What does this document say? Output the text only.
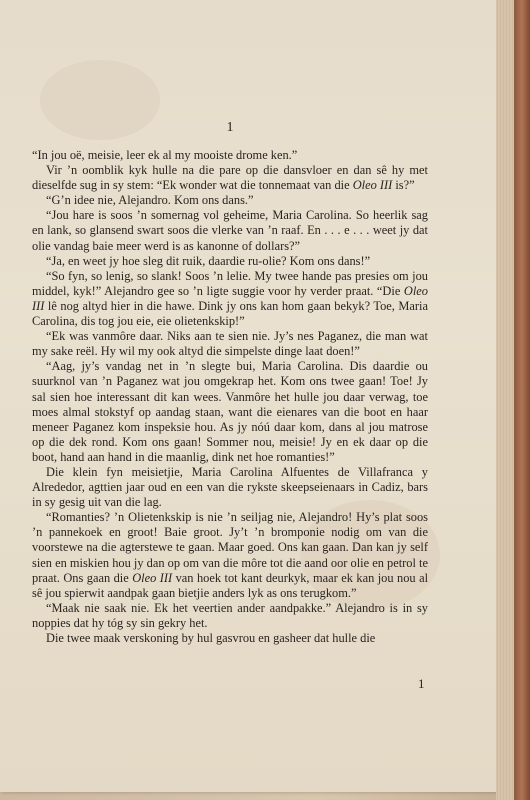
1

“In jou oë, meisie, leer ek al my mooiste drome ken.”

Vir ’n oomblik kyk hulle na die pare op die dansvloer en dan sê hy met dieselfde sug in sy stem: “Ek wonder wat die tonnemaat van die Oleo III is?”

“G’n idee nie, Alejandro. Kom ons dans.”

“Jou hare is soos ’n somernag vol geheime, Maria Carolina. So heerlik sag en lank, so glansend swart soos die vlerke van ’n raaf. En . . . e . . . weet jy dat olie vandag baie meer werd is as kanonne of dollars?”

“Ja, en weet jy hoe sleg dit ruik, daardie ru-olie? Kom ons dans!”

“So fyn, so lenig, so slank! Soos ’n lelie. My twee hande pas presies om jou middel, kyk!” Alejandro gee so ’n ligte suggie voor hy verder praat. “Die Oleo III lê nog altyd hier in die hawe. Dink jy ons kan hom gaan bekyk? Toe, Maria Carolina, dis tog jou eie, eie olietenkskip!”

“Ek was vanmôre daar. Niks aan te sien nie. Jy’s nes Paganez, die man wat my sake reël. Hy wil my ook altyd die simpelste dinge laat doen!”

“Aag, jy’s vandag net in ’n slegte bui, Maria Carolina. Dis daardie ou suurknol van ’n Paganez wat jou omgekrap het. Kom ons twee gaan! Toe! Jy sal sien hoe interessant dit kan wees. Vanmôre het hulle jou daar verwag, toe moes almal stokstyf op aandag staan, want die eienares van die boot en haar meneer Paganez kom inspeksie hou. As jy nóú daar kom, dans al jou matrose op die dek rond. Kom ons gaan! Sommer nou, meisie! Jy en ek daar op die boot, hand aan hand in die maanlig, dink net hoe romanties!”

Die klein fyn meisietjie, Maria Carolina Alfuentes de Villafranca y Alrededor, agttien jaar oud en een van die rykste skeepseienaars in Cadiz, bars in sy gesig uit van die lag.

“Romanties? ’n Olietenkskip is nie ’n seiljag nie, Alejandro! Hy’s plat soos ’n pannekoek en groot! Baie groot. Jy’t ’n bromponie nodig om van die voorstewe na die agterstewe te gaan. Maar goed. Ons kan gaan. Dan kan jy self sien en miskien hou jy dan op om van die môre tot die aand oor olie en petrol te praat. Ons gaan die Oleo III van hoek tot kant deurkyk, maar ek kan jou nou al sê jou spierwit aandpak gaan bietjie anders lyk as ons terugkom.”

“Maak nie saak nie. Ek het veertien ander aandpakke.” Alejandro is in sy noppies dat hy tóg sy sin gekry het.

Die twee maak verskoning by hul gasvrou en gasheer dat hulle die

1
